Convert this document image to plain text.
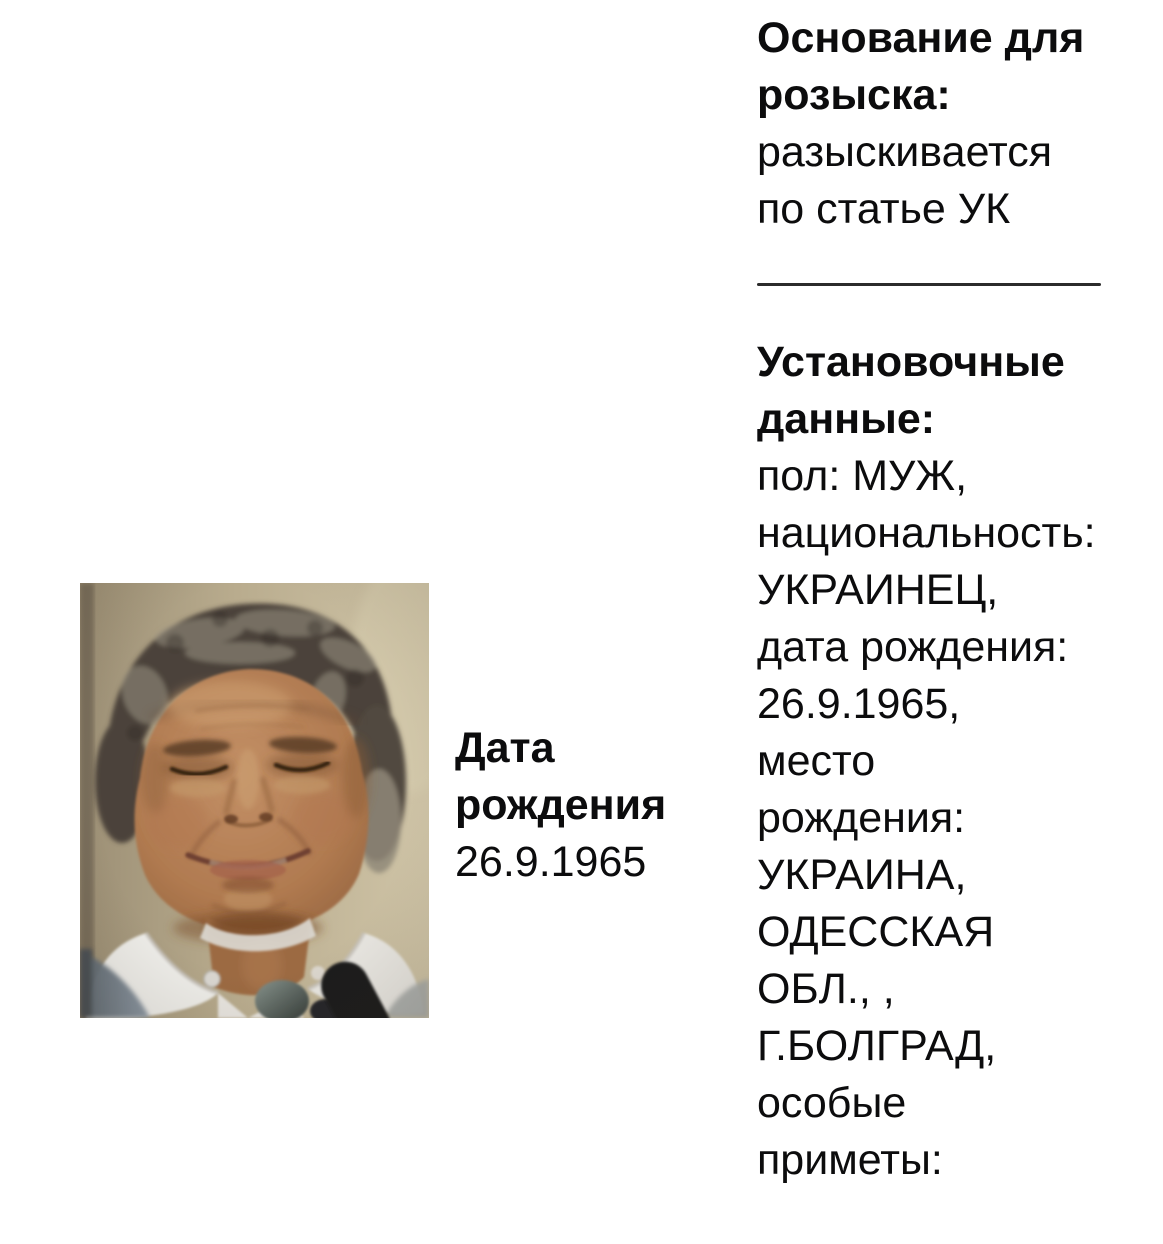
Дата
рождения
26.9.1965
Основание для
розыска:
разыскивается
по статье УК
Установочные
данные:
пол: МУЖ,
национальность:
УКРАИНЕЦ,
дата рождения:
26.9.1965,
место
рождения:
УКРАИНА,
ОДЕССКАЯ
ОБЛ., ,
Г.БОЛГРАД,
особые
приметы:
